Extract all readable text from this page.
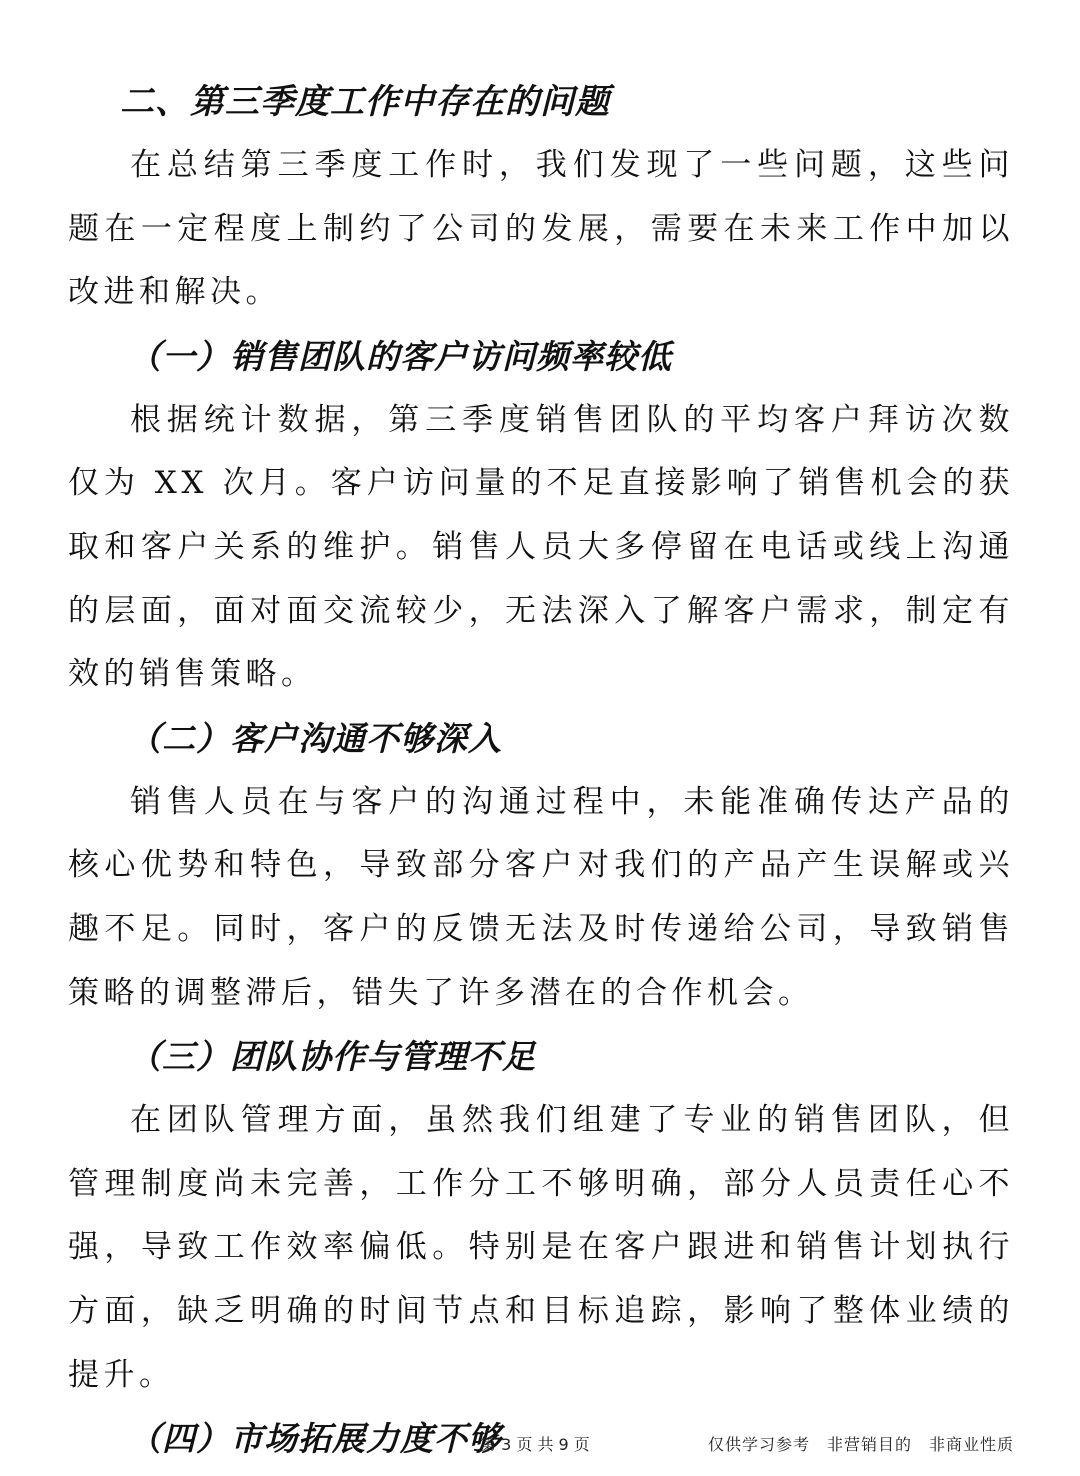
二、第三季度工作中存在的问题

在总结第三季度工作时，我们发现了一些问题，这些问题在一定程度上制约了公司的发展，需要在未来工作中加以改进和解决。

（一）销售团队的客户访问频率较低

根据统计数据，第三季度销售团队的平均客户拜访次数仅为 XX 次月。客户访问量的不足直接影响了销售机会的获取和客户关系的维护。销售人员大多停留在电话或线上沟通的层面，面对面交流较少，无法深入了解客户需求，制定有效的销售策略。

（二）客户沟通不够深入

销售人员在与客户的沟通过程中，未能准确传达产品的核心优势和特色，导致部分客户对我们的产品产生误解或兴趣不足。同时，客户的反馈无法及时传递给公司，导致销售策略的调整滞后，错失了许多潜在的合作机会。

（三）团队协作与管理不足

在团队管理方面，虽然我们组建了专业的销售团队，但管理制度尚未完善，工作分工不够明确，部分人员责任心不强，导致工作效率偏低。特别是在客户跟进和销售计划执行方面，缺乏明确的时间节点和目标追踪，影响了整体业绩的提升。

（四）市场拓展力度不够
第 3 页 共 9 页	仅供学习参考　非营销目的　非商业性质
